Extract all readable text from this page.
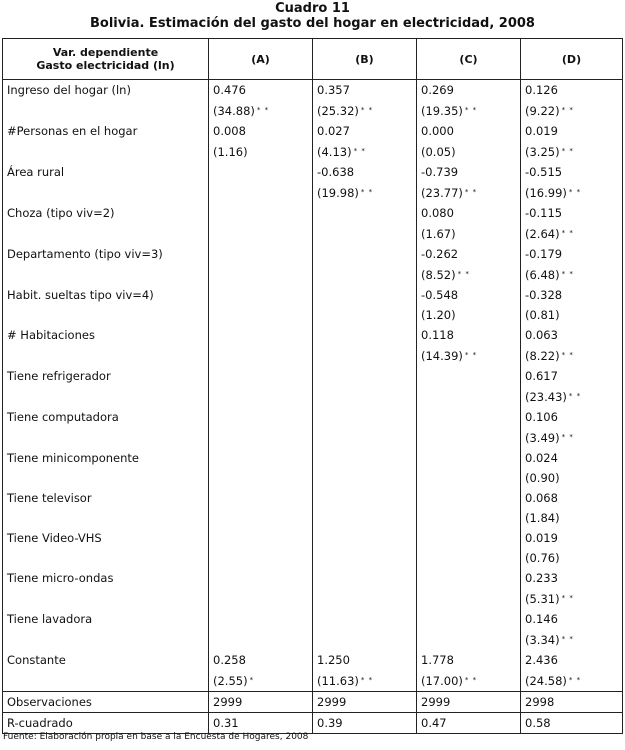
Cuadro 11
Bolivia. Estimación del gasto del hogar en electricidad, 2008
Var. dependiente
Gasto electricidad (ln)	(A)	(B)	(C)	(D)
Ingreso del hogar (ln)	0.476	0.357	0.269	0.126
	(34.88) * *	(25.32) * *	(19.35) * *	(9.22) * *
#Personas en el hogar	0.008	0.027	0.000	0.019
	(1.16)	(4.13) * *	(0.05)	(3.25) * *
Área rural		-0.638	-0.739	-0.515
		(19.98) * *	(23.77) * *	(16.99) * *
Choza (tipo viv=2)			0.080	-0.115
			(1.67)	(2.64) * *
Departamento (tipo viv=3)			-0.262	-0.179
			(8.52) * *	(6.48) * *
Habit. sueltas tipo viv=4)			-0.548	-0.328
			(1.20)	(0.81)
# Habitaciones			0.118	0.063
			(14.39) * *	(8.22) * *
Tiene refrigerador				0.617
				(23.43) * *
Tiene computadora				0.106
				(3.49) * *
Tiene minicomponente				0.024
				(0.90)
Tiene televisor				0.068
				(1.84)
Tiene Video-VHS				0.019
				(0.76)
Tiene micro-ondas				0.233
				(5.31) * *
Tiene lavadora				0.146
				(3.34) * *
Constante	0.258	1.250	1.778	2.436
	(2.55) *	(11.63) * *	(17.00) * *	(24.58) * *
Observaciones	2999	2999	2999	2998
R-cuadrado	0.31	0.39	0.47	0.58
Fuente: Elaboración propia en base a la Encuesta de Hogares, 2008
